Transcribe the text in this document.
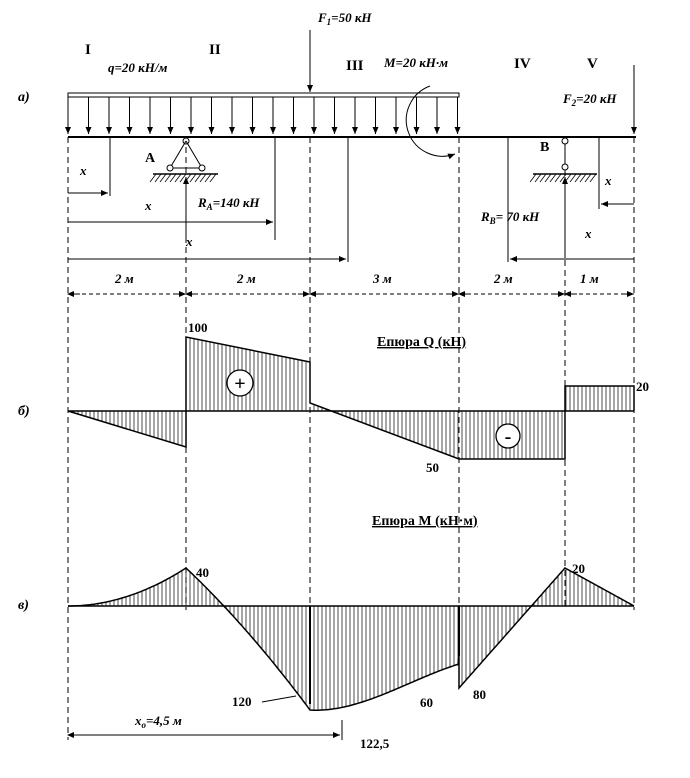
а)
I	II
III	IV	V
q=20 кН/м
$F_1=50$ кН
M=20 кН·м
$F_2=20$ кН
A
$R_A=140$ кН
B
$R_B= 70$ кН
x
x
x
x
x
2 м	2 м	3 м	2 м	1 м
б)
Епюра Q (кН)
+
-
100
50
20
в)
Епюра M (кН·м)
40	20
120	60
80
122,5
$x_o=4,5$ м
